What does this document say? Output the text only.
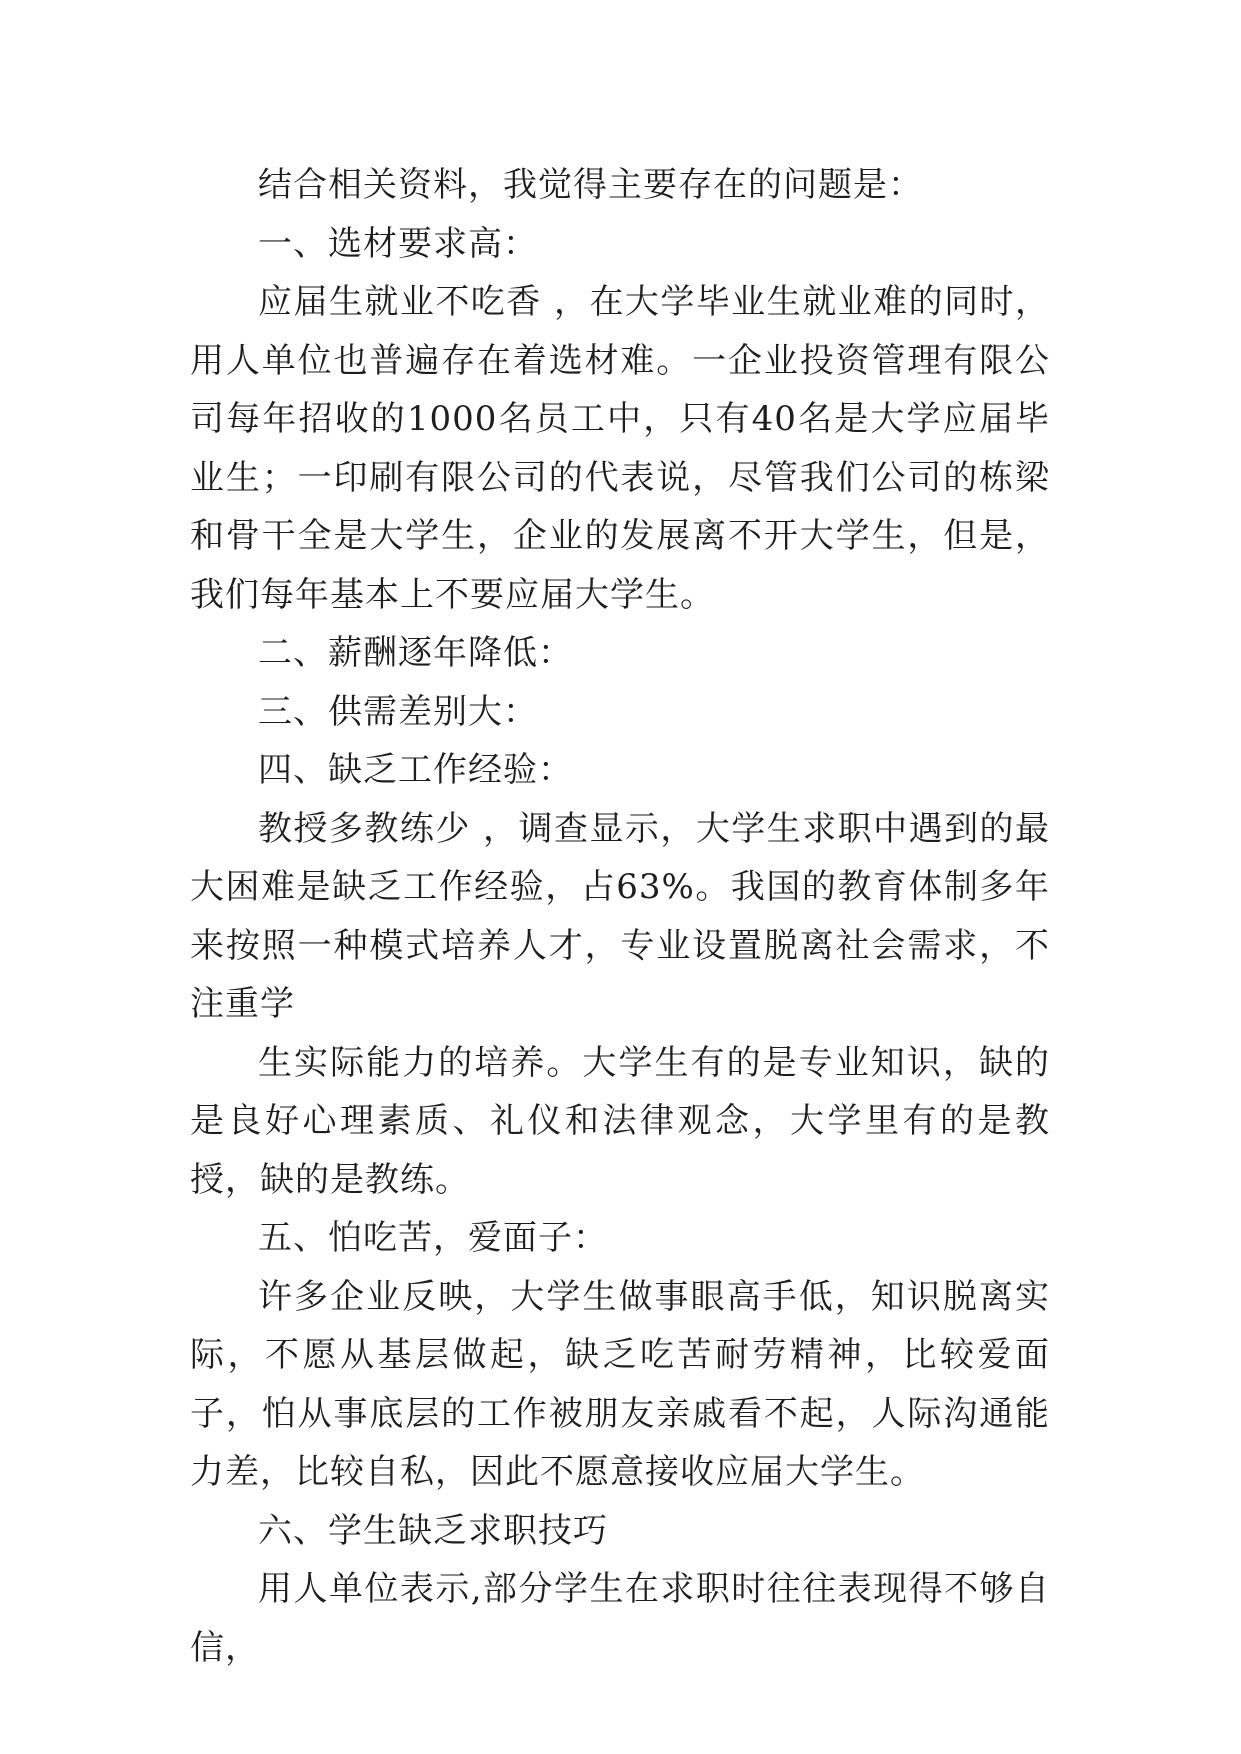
结合相关资料，我觉得主要存在的问题是：

一、选材要求高：

应届生就业不吃香 ，在大学毕业生就业难的同时，用人单位也普遍存在着选材难。一企业投资管理有限公司每年招收的1000名员工中，只有40名是大学应届毕业生；一印刷有限公司的代表说，尽管我们公司的栋梁和骨干全是大学生，企业的发展离不开大学生，但是，我们每年基本上不要应届大学生。

二、薪酬逐年降低：

三、供需差别大：

四、缺乏工作经验：

教授多教练少 ，调查显示，大学生求职中遇到的最大困难是缺乏工作经验，占63%。我国的教育体制多年来按照一种模式培养人才，专业设置脱离社会需求，不注重学

生实际能力的培养。大学生有的是专业知识，缺的是良好心理素质、礼仪和法律观念，大学里有的是教授，缺的是教练。

五、怕吃苦，爱面子：

许多企业反映，大学生做事眼高手低，知识脱离实际，不愿从基层做起，缺乏吃苦耐劳精神，比较爱面子，怕从事底层的工作被朋友亲戚看不起，人际沟通能力差，比较自私，因此不愿意接收应届大学生。

六、学生缺乏求职技巧

用人单位表示,部分学生在求职时往往表现得不够自信，
